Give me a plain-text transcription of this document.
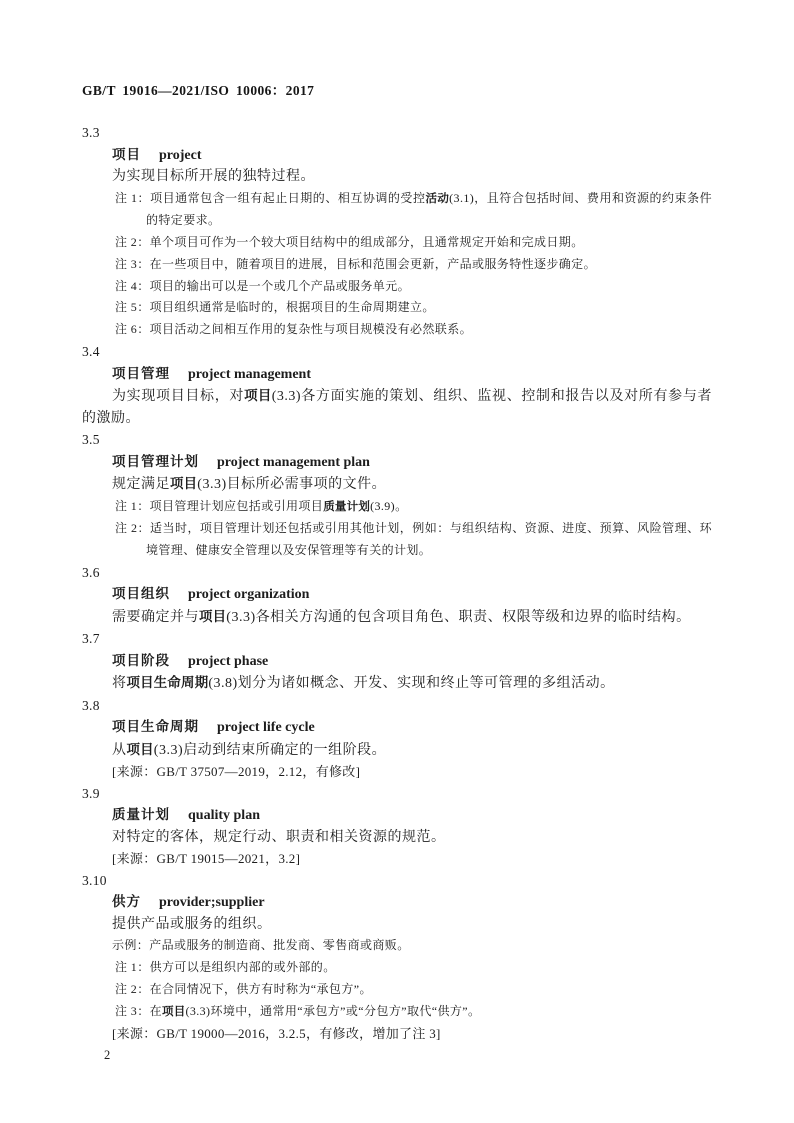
GB/T 19016—2021/ISO 10006：2017
3.3
项目 project
为实现目标所开展的独特过程。
注 1：项目通常包含一组有起止日期的、相互协调的受控活动(3.1)，且符合包括时间、费用和资源的约束条件的特定要求。
注 2：单个项目可作为一个较大项目结构中的组成部分，且通常规定开始和完成日期。
注 3：在一些项目中，随着项目的进展，目标和范围会更新，产品或服务特性逐步确定。
注 4：项目的输出可以是一个或几个产品或服务单元。
注 5：项目组织通常是临时的，根据项目的生命周期建立。
注 6：项目活动之间相互作用的复杂性与项目规模没有必然联系。
3.4
项目管理 project management
为实现项目目标，对项目(3.3)各方面实施的策划、组织、监视、控制和报告以及对所有参与者的激励。
3.5
项目管理计划 project management plan
规定满足项目(3.3)目标所必需事项的文件。
注 1：项目管理计划应包括或引用项目质量计划(3.9)。
注 2：适当时，项目管理计划还包括或引用其他计划，例如：与组织结构、资源、进度、预算、风险管理、环境管理、健康安全管理以及安保管理等有关的计划。
3.6
项目组织 project organization
需要确定并与项目(3.3)各相关方沟通的包含项目角色、职责、权限等级和边界的临时结构。
3.7
项目阶段 project phase
将项目生命周期(3.8)划分为诸如概念、开发、实现和终止等可管理的多组活动。
3.8
项目生命周期 project life cycle
从项目(3.3)启动到结束所确定的一组阶段。
[来源：GB/T 37507—2019，2.12，有修改]
3.9
质量计划 quality plan
对特定的客体，规定行动、职责和相关资源的规范。
[来源：GB/T 19015—2021，3.2]
3.10
供方 provider;supplier
提供产品或服务的组织。
示例：产品或服务的制造商、批发商、零售商或商贩。
注 1：供方可以是组织内部的或外部的。
注 2：在合同情况下，供方有时称为“承包方”。
注 3：在项目(3.3)环境中，通常用“承包方”或“分包方”取代“供方”。
[来源：GB/T 19000—2016，3.2.5，有修改，增加了注 3]
2
